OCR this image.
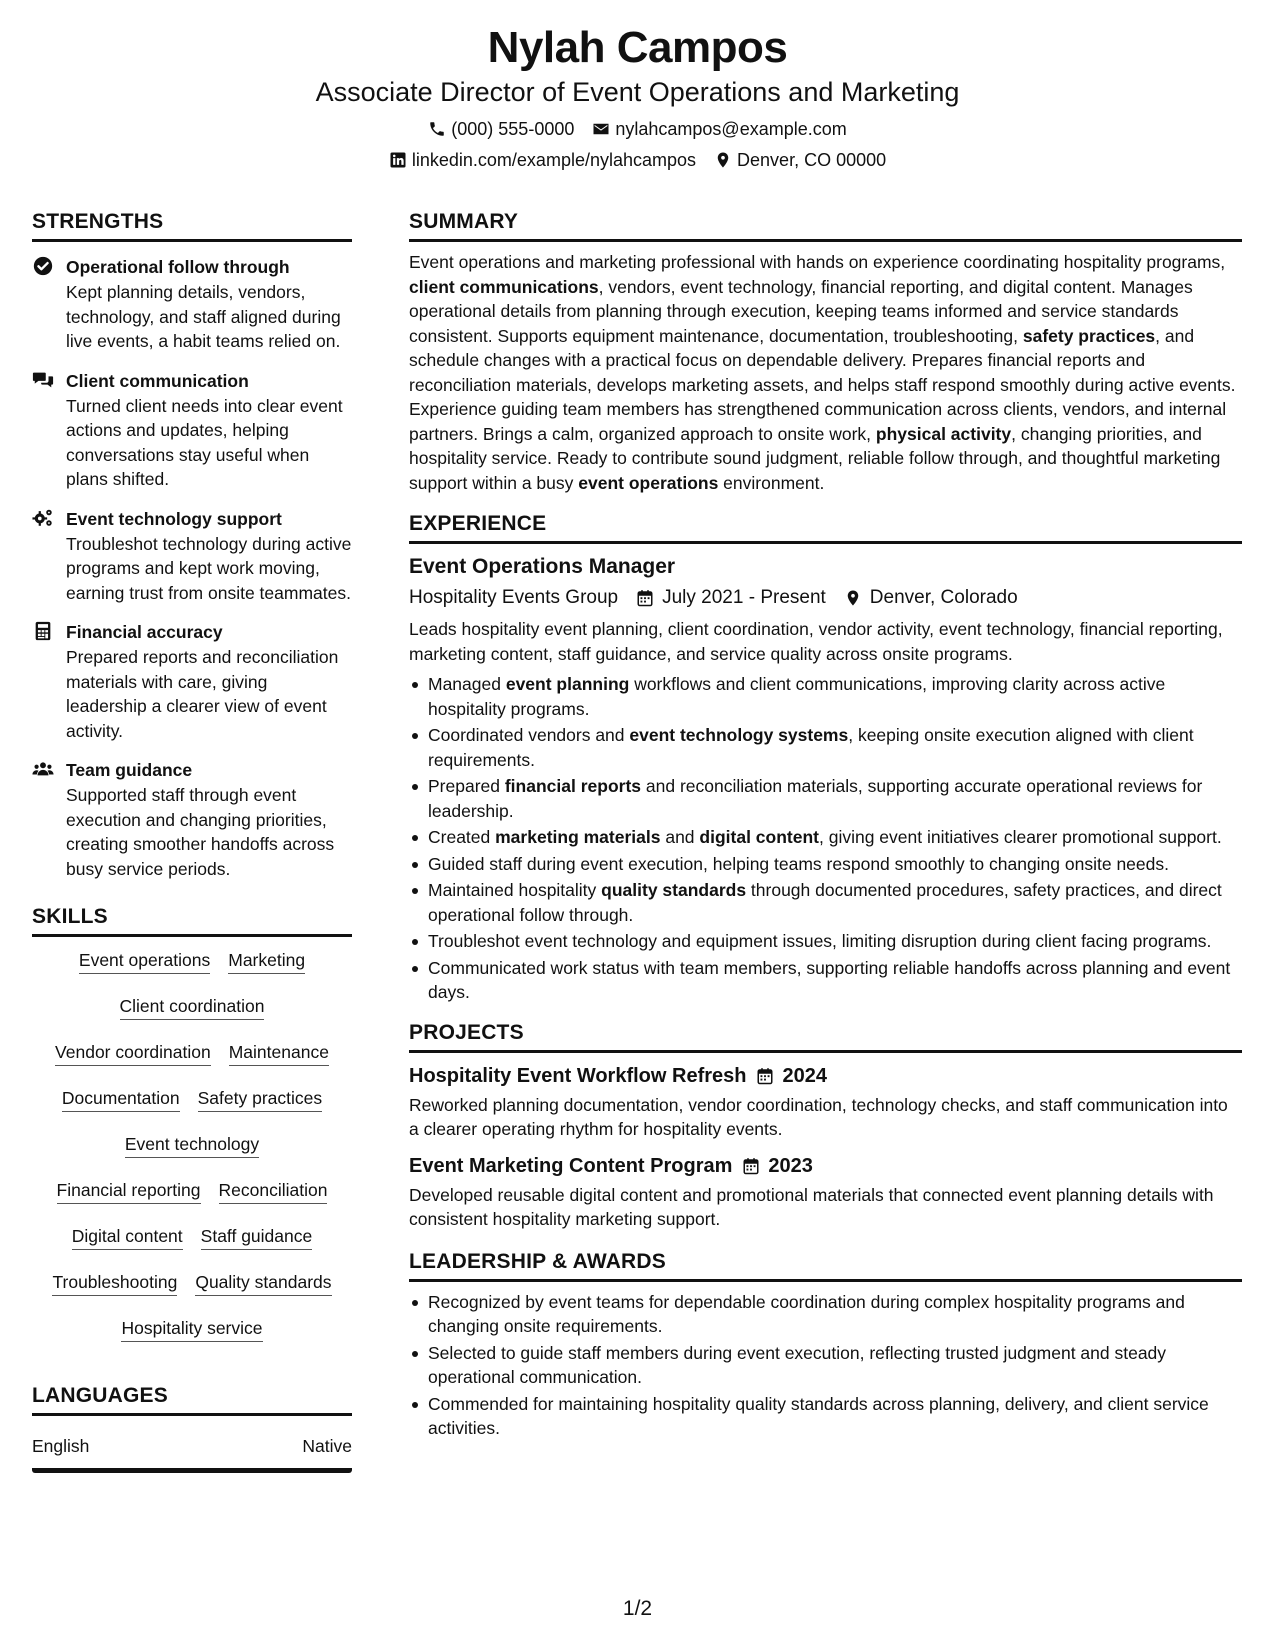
Nylah Campos
Associate Director of Event Operations and Marketing
(000) 555-0000 nylahcampos@example.com
linkedin.com/example/nylahcampos Denver, CO 00000
STRENGTHS
Operational follow through
Kept planning details, vendors, technology, and staff aligned during live events, a habit teams relied on.
Client communication
Turned client needs into clear event actions and updates, helping conversations stay useful when plans shifted.
Event technology support
Troubleshot technology during active programs and kept work moving, earning trust from onsite teammates.
Financial accuracy
Prepared reports and reconciliation materials with care, giving leadership a clearer view of event activity.
Team guidance
Supported staff through event execution and changing priorities, creating smoother handoffs across busy service periods.
SKILLS
Event operations Marketing
Client coordination
Vendor coordination Maintenance
Documentation Safety practices
Event technology
Financial reporting Reconciliation
Digital content Staff guidance
Troubleshooting Quality standards
Hospitality service
LANGUAGES
English	Native
SUMMARY

Event operations and marketing professional with hands on experience coordinating hospitality programs, client communications, vendors, event technology, financial reporting, and digital content. Manages operational details from planning through execution, keeping teams informed and service standards consistent. Supports equipment maintenance, documentation, troubleshooting, safety practices, and schedule changes with a practical focus on dependable delivery. Prepares financial reports and reconciliation materials, develops marketing assets, and helps staff respond smoothly during active events. Experience guiding team members has strengthened communication across clients, vendors, and internal partners. Brings a calm, organized approach to onsite work, physical activity, changing priorities, and hospitality service. Ready to contribute sound judgment, reliable follow through, and thoughtful marketing support within a busy event operations environment.

EXPERIENCE
Event Operations Manager
Hospitality Events Group July 2021 - Present Denver, Colorado

Leads hospitality event planning, client coordination, vendor activity, event technology, financial reporting, marketing content, staff guidance, and service quality across onsite programs.

Managed event planning workflows and client communications, improving clarity across active hospitality programs.
Coordinated vendors and event technology systems, keeping onsite execution aligned with client requirements.
Prepared financial reports and reconciliation materials, supporting accurate operational reviews for leadership.
Created marketing materials and digital content, giving event initiatives clearer promotional support.
Guided staff during event execution, helping teams respond smoothly to changing onsite needs.
Maintained hospitality quality standards through documented procedures, safety practices, and direct operational follow through.
Troubleshot event technology and equipment issues, limiting disruption during client facing programs.
Communicated work status with team members, supporting reliable handoffs across planning and event days.
PROJECTS
Hospitality Event Workflow Refresh 2024

Reworked planning documentation, vendor coordination, technology checks, and staff communication into a clearer operating rhythm for hospitality events.

Event Marketing Content Program 2023

Developed reusable digital content and promotional materials that connected event planning details with consistent hospitality marketing support.

LEADERSHIP & AWARDS
Recognized by event teams for dependable coordination during complex hospitality programs and changing onsite requirements.
Selected to guide staff members during event execution, reflecting trusted judgment and steady operational communication.
Commended for maintaining hospitality quality standards across planning, delivery, and client service activities.
1/2
